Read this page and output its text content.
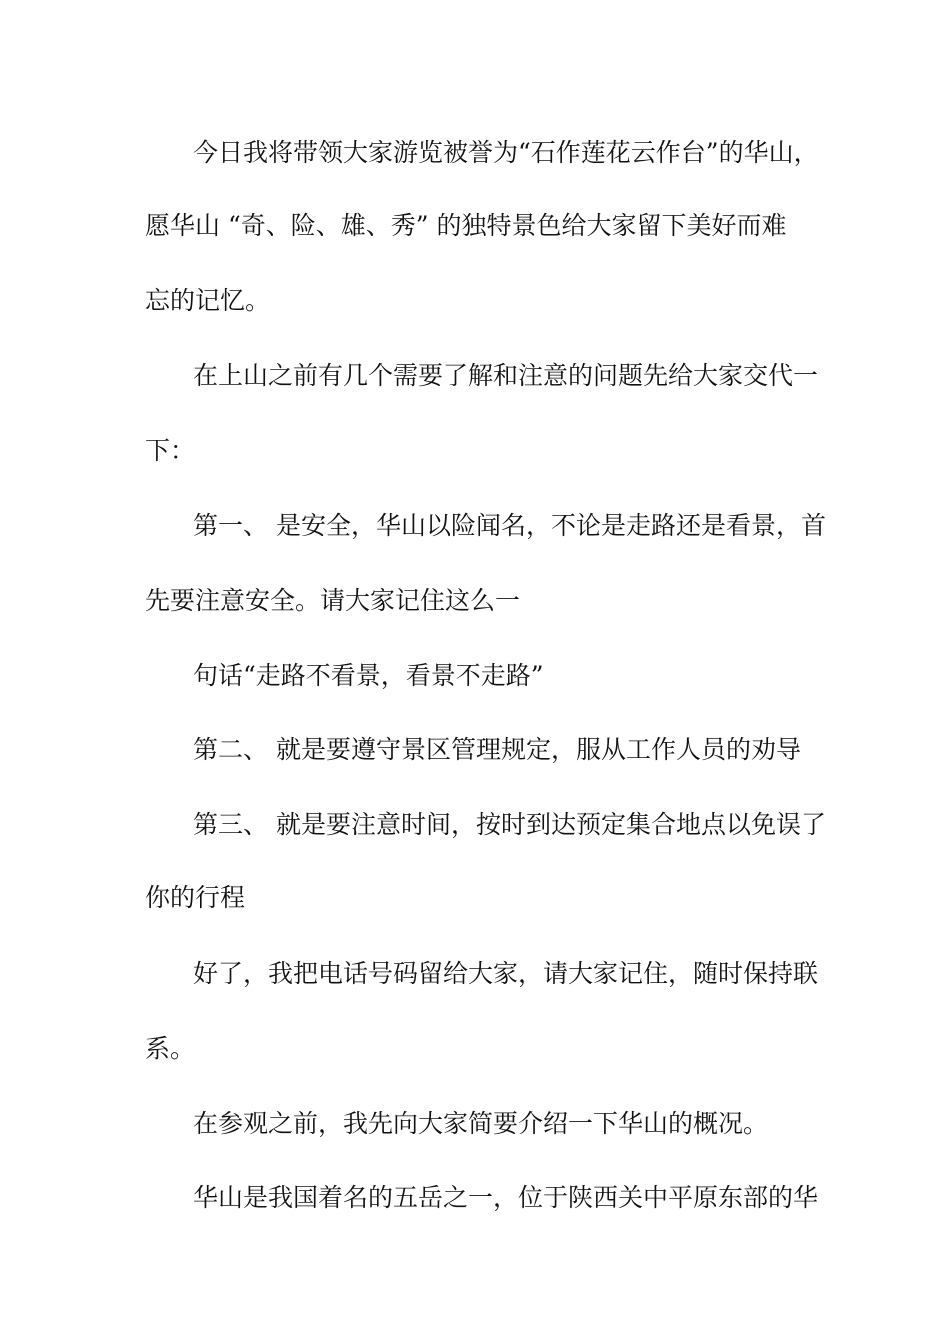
今日我将带领大家游览被誉为“石作莲花云作台”的华山，
愿华山 “奇、险、雄、秀” 的独特景色给大家留下美好而难
忘的记忆。
在上山之前有几个需要了解和注意的问题先给大家交代一
下：
第一、 是安全，华山以险闻名，不论是走路还是看景，首
先要注意安全。请大家记住这么一
句话“走路不看景，看景不走路”
第二、 就是要遵守景区管理规定，服从工作人员的劝导
第三、 就是要注意时间，按时到达预定集合地点以免误了
你的行程
好了，我把电话号码留给大家，请大家记住，随时保持联
系。
在参观之前，我先向大家简要介绍一下华山的概况。
华山是我国着名的五岳之一，位于陕西关中平原东部的华
